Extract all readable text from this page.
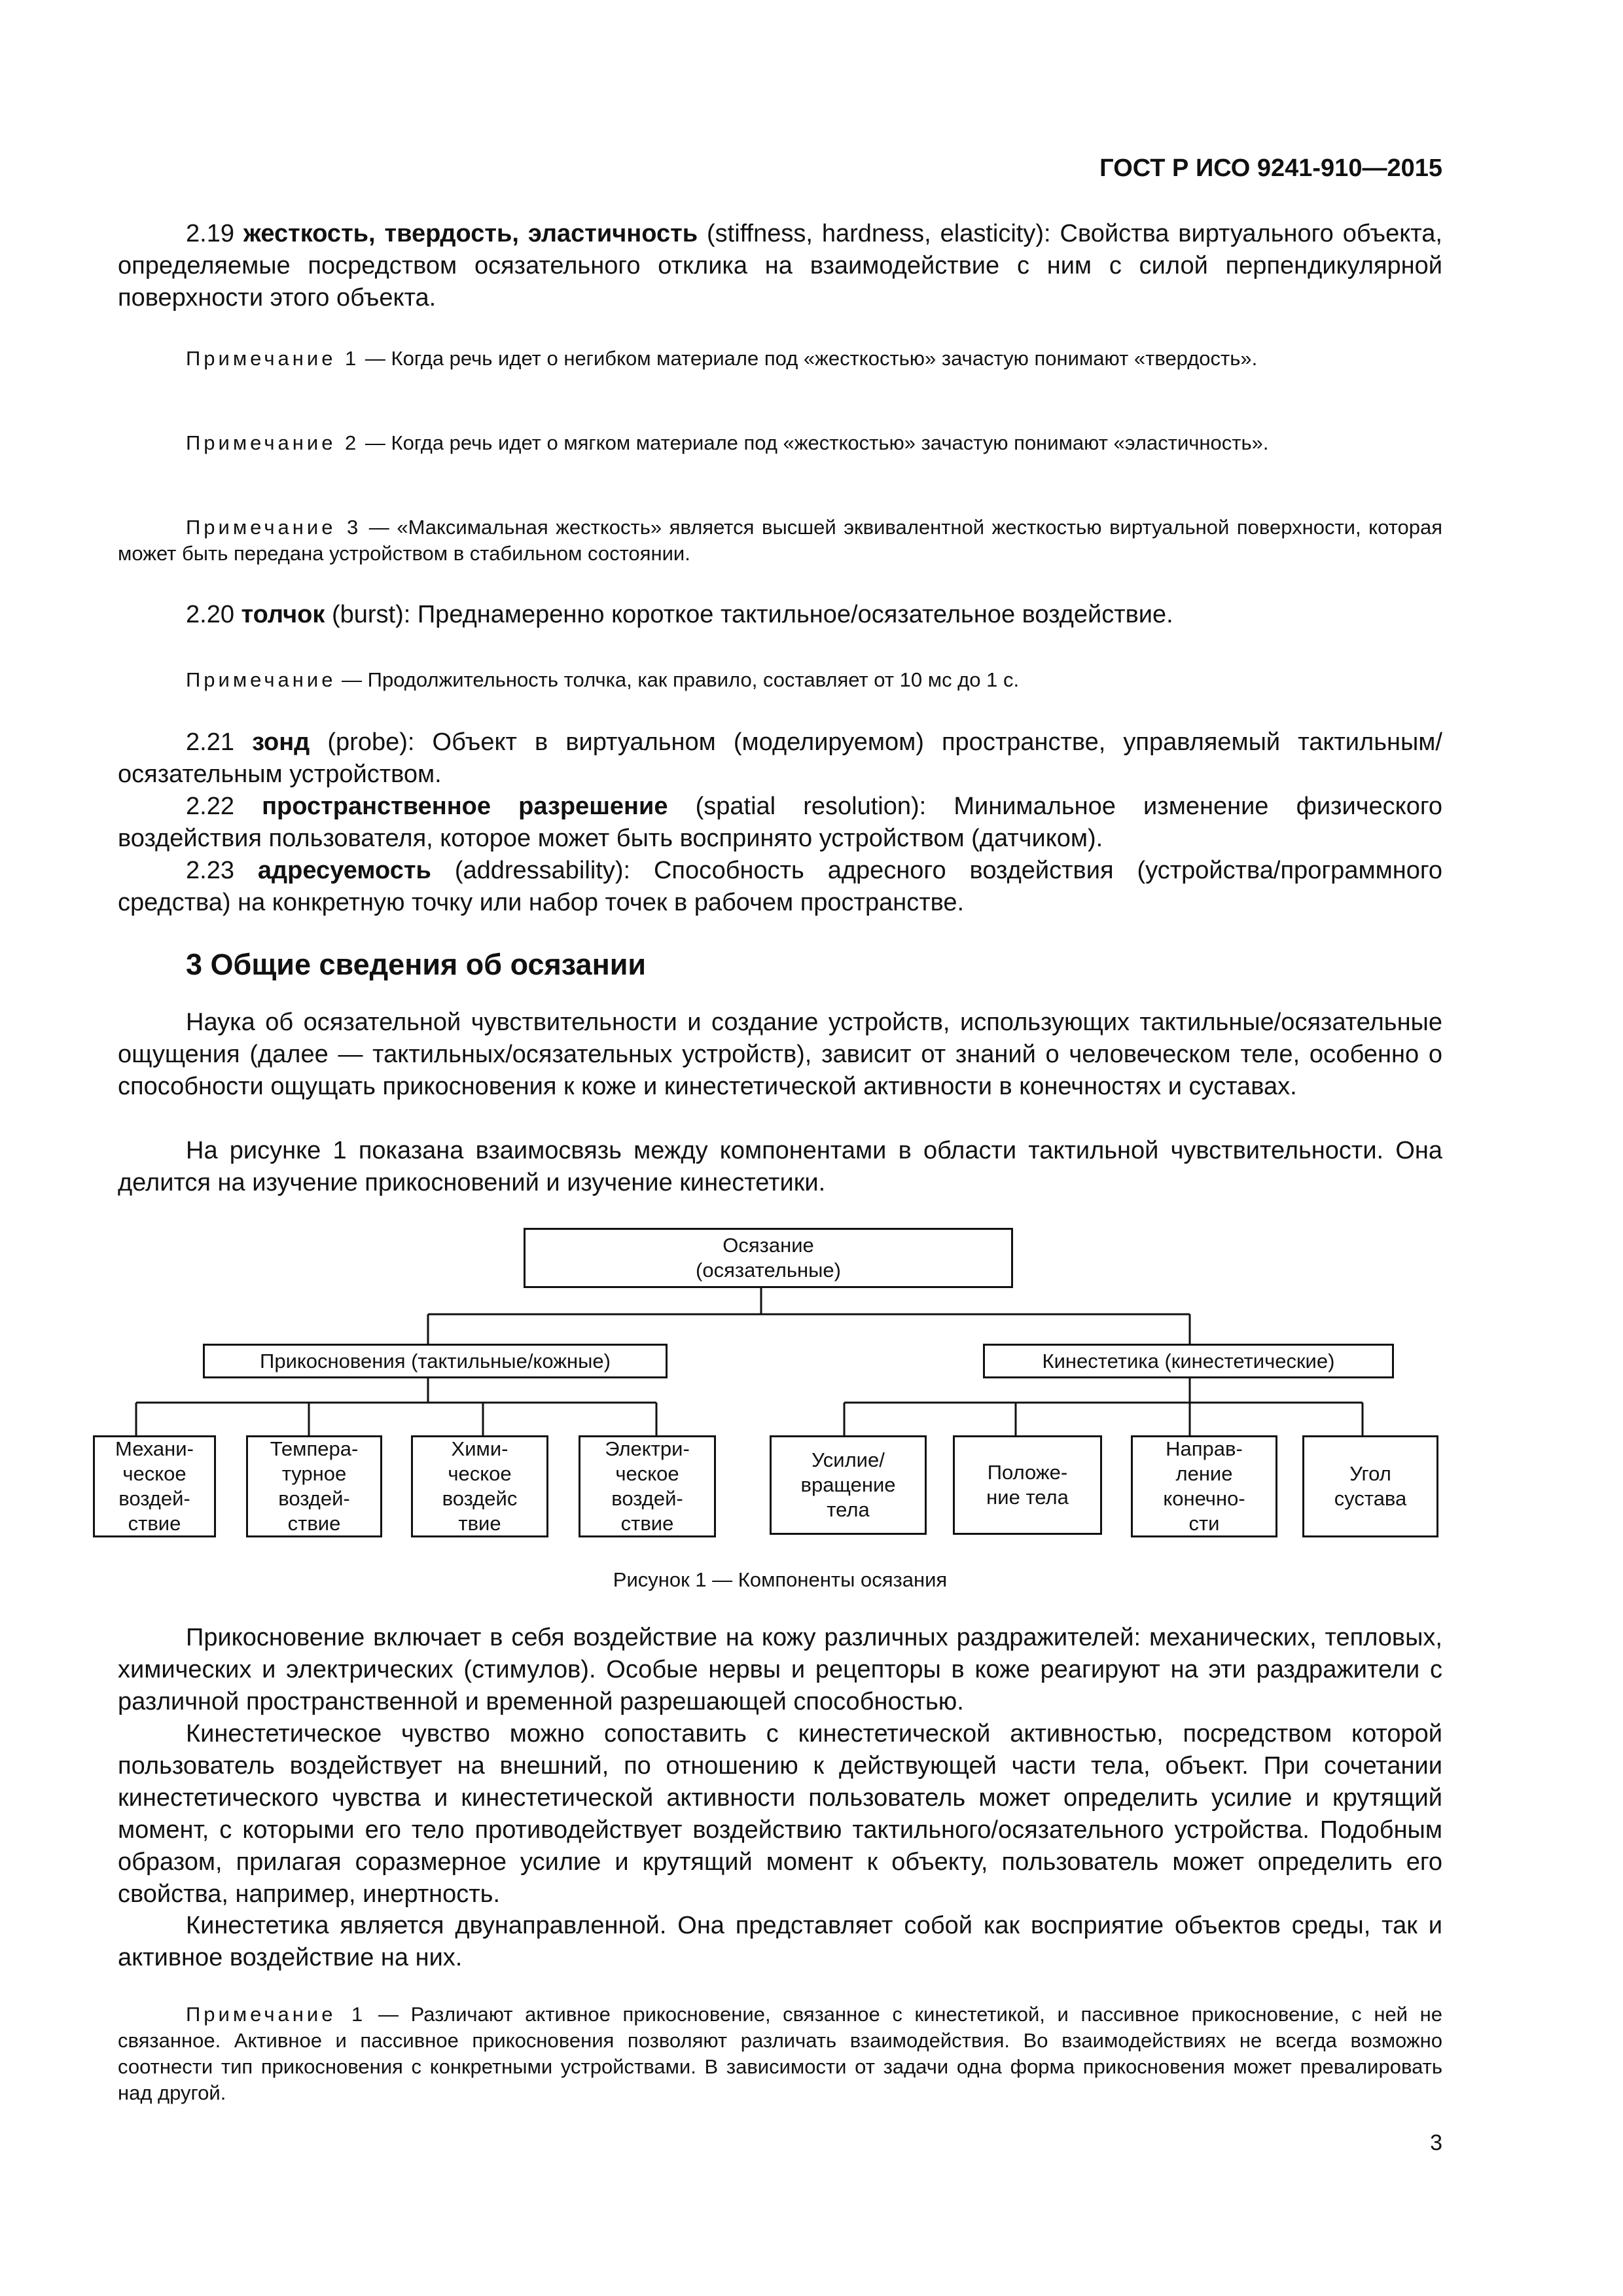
ГОСТ Р ИСО 9241-910—2015

2.19 жесткость, твердость, эластичность (stiffness, hardness, elasticity): Свойства виртуального объекта, определяемые посредством осязательного отклика на взаимодействие с ним с силой перпендикулярной поверхности этого объекта.

Примечание 1 — Когда речь идет о негибком материале под «жесткостью» зачастую понимают «твердость».

Примечание 2 — Когда речь идет о мягком материале под «жесткостью» зачастую понимают «эластичность».

Примечание 3 — «Максимальная жесткость» является высшей эквивалентной жесткостью виртуальной поверхности, которая может быть передана устройством в стабильном состоянии.

2.20 толчок (burst): Преднамеренно короткое тактильное/осязательное воздействие.

Примечание — Продолжительность толчка, как правило, составляет от 10 мс до 1 с.

2.21 зонд (probe): Объект в виртуальном (моделируемом) пространстве, управляемый тактильным/осязательным устройством.

2.22 пространственное разрешение (spatial resolution): Минимальное изменение физического воздействия пользователя, которое может быть воспринято устройством (датчиком).

2.23 адресуемость (addressability): Способность адресного воздействия (устройства/программного средства) на конкретную точку или набор точек в рабочем пространстве.

3 Общие сведения об осязании

Наука об осязательной чувствительности и создание устройств, использующих тактильные/осязательные ощущения (далее — тактильных/осязательных устройств), зависит от знаний о человеческом теле, особенно о способности ощущать прикосновения к коже и кинестетической активности в конечностях и суставах.

На рисунке 1 показана взаимосвязь между компонентами в области тактильной чувствительности. Она делится на изучение прикосновений и изучение кинестетики.

Осязание
(осязательные)
Прикосновения (тактильные/кожные)	Кинестетика (кинестетические)
Механи-
ческое
воздей-
ствие
Темпера-
турное
воздей-
ствие
Хими-
ческое
воздейс
твие
Электри-
ческое
воздей-
ствие
Усилие/
вращение
тела
Положе-
ние тела
Направ-
ление
конечно-
сти
Угол
сустава
Рисунок 1 — Компоненты осязания

Прикосновение включает в себя воздействие на кожу различных раздражителей: механических, тепловых, химических и электрических (стимулов). Особые нервы и рецепторы в коже реагируют на эти раздражители с различной пространственной и временной разрешающей способностью.

Кинестетическое чувство можно сопоставить с кинестетической активностью, посредством которой пользователь воздействует на внешний, по отношению к действующей части тела, объект. При сочетании кинестетического чувства и кинестетической активности пользователь может определить усилие и крутящий момент, с которыми его тело противодействует воздействию тактильного/осязательного устройства. Подобным образом, прилагая соразмерное усилие и крутящий момент к объекту, пользователь может определить его свойства, например, инертность.

Кинестетика является двунаправленной. Она представляет собой как восприятие объектов среды, так и активное воздействие на них.

Примечание 1 — Различают активное прикосновение, связанное с кинестетикой, и пассивное прикосновение, с ней не связанное. Активное и пассивное прикосновения позволяют различать взаимодействия. Во взаимодействиях не всегда возможно соотнести тип прикосновения с конкретными устройствами. В зависимости от задачи одна форма прикосновения может превалировать над другой.

3
